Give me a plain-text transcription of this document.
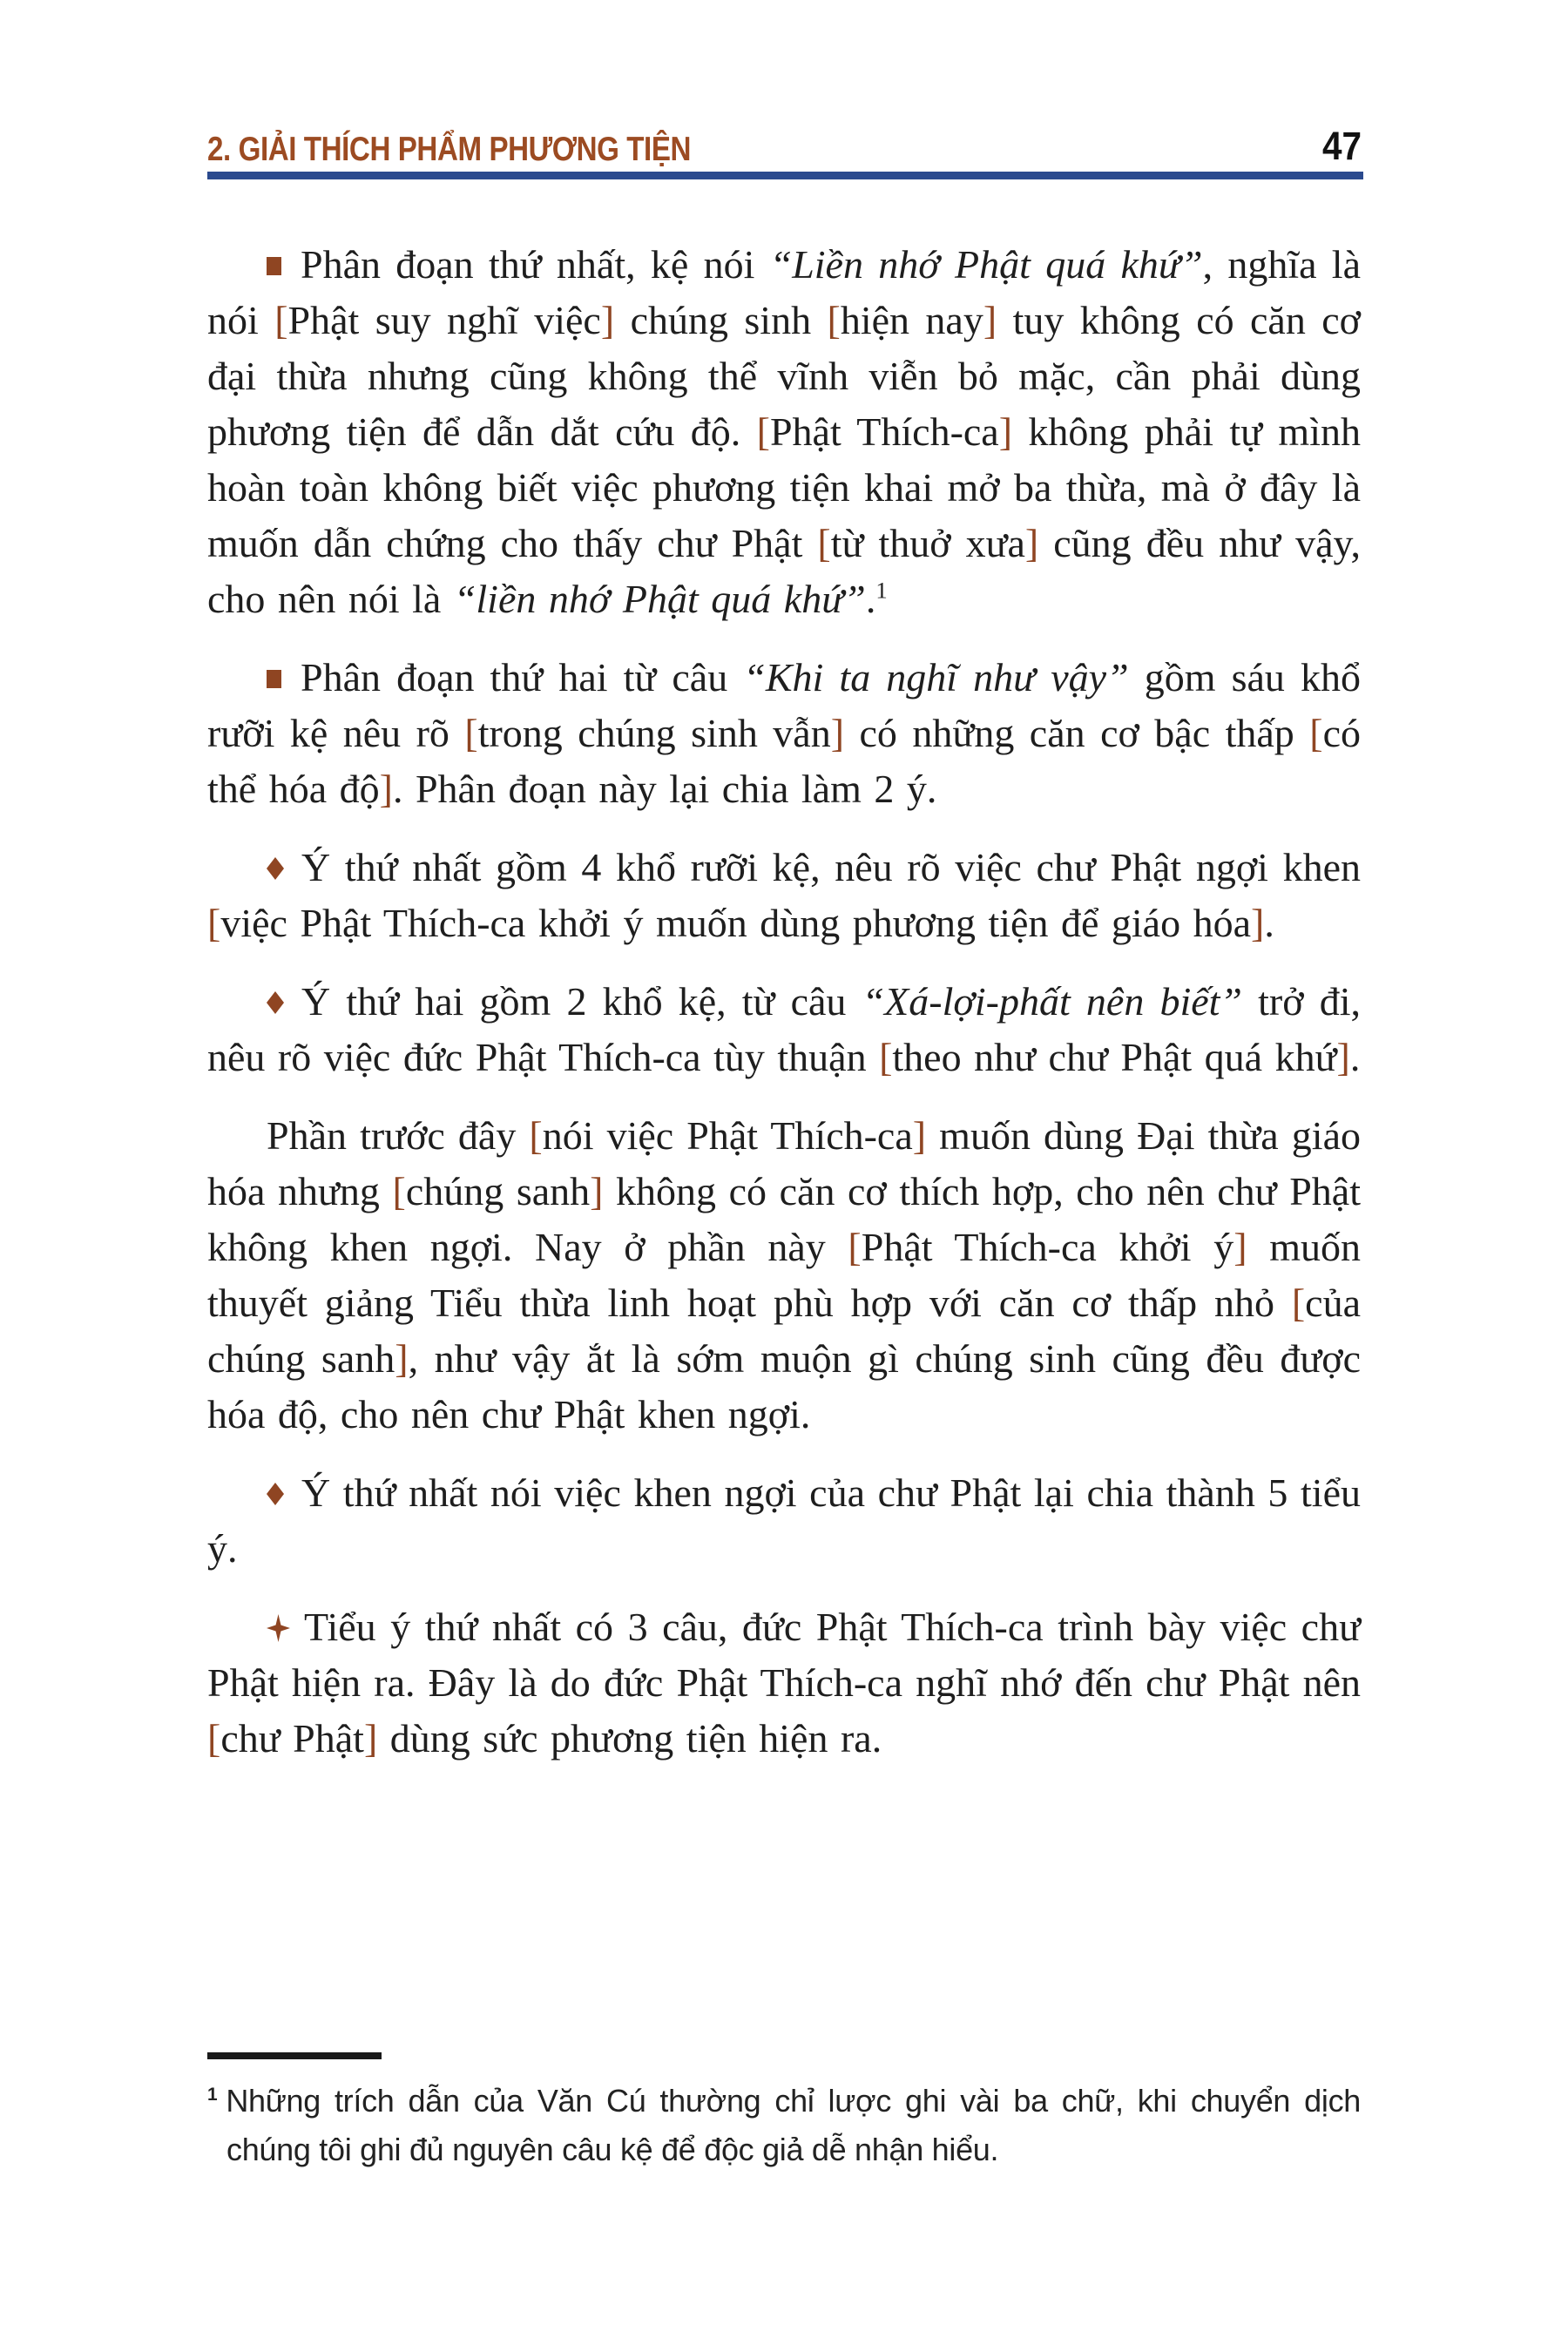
2. GIẢI THÍCH PHẨM PHƯƠNG TIỆN	47

Phân đoạn thứ nhất, kệ nói “Liền nhớ Phật quá khứ”, nghĩa là nói [Phật suy nghĩ việc] chúng sinh [hiện nay] tuy không có căn cơ đại thừa nhưng cũng không thể vĩnh viễn bỏ mặc, cần phải dùng phương tiện để dẫn dắt cứu độ. [Phật Thích-ca] không phải tự mình hoàn toàn không biết việc phương tiện khai mở ba thừa, mà ở đây là muốn dẫn chứng cho thấy chư Phật [từ thuở xưa] cũng đều như vậy, cho nên nói là “liền nhớ Phật quá khứ”.$^1$

Phân đoạn thứ hai từ câu “Khi ta nghĩ như vậy” gồm sáu khổ rưỡi kệ nêu rõ [trong chúng sinh vẫn] có những căn cơ bậc thấp [có thể hóa độ]. Phân đoạn này lại chia làm 2 ý.

Ý thứ nhất gồm 4 khổ rưỡi kệ, nêu rõ việc chư Phật ngợi khen [việc Phật Thích-ca khởi ý muốn dùng phương tiện để giáo hóa].

Ý thứ hai gồm 2 khổ kệ, từ câu “Xá-lợi-phất nên biết” trở đi, nêu rõ việc đức Phật Thích-ca tùy thuận [theo như chư Phật quá khứ].

Phần trước đây [nói việc Phật Thích-ca] muốn dùng Đại thừa giáo hóa nhưng [chúng sanh] không có căn cơ thích hợp, cho nên chư Phật không khen ngợi. Nay ở phần này [Phật Thích-ca khởi ý] muốn thuyết giảng Tiểu thừa linh hoạt phù hợp với căn cơ thấp nhỏ [của chúng sanh], như vậy ắt là sớm muộn gì chúng sinh cũng đều được hóa độ, cho nên chư Phật khen ngợi.

Ý thứ nhất nói việc khen ngợi của chư Phật lại chia thành 5 tiểu ý.

Tiểu ý thứ nhất có 3 câu, đức Phật Thích-ca trình bày việc chư Phật hiện ra. Đây là do đức Phật Thích-ca nghĩ nhớ đến chư Phật nên [chư Phật] dùng sức phương tiện hiện ra.

$^1$ Những trích dẫn của Văn Cú thường chỉ lược ghi vài ba chữ, khi chuyển dịch chúng tôi ghi đủ nguyên câu kệ để độc giả dễ nhận hiểu.
